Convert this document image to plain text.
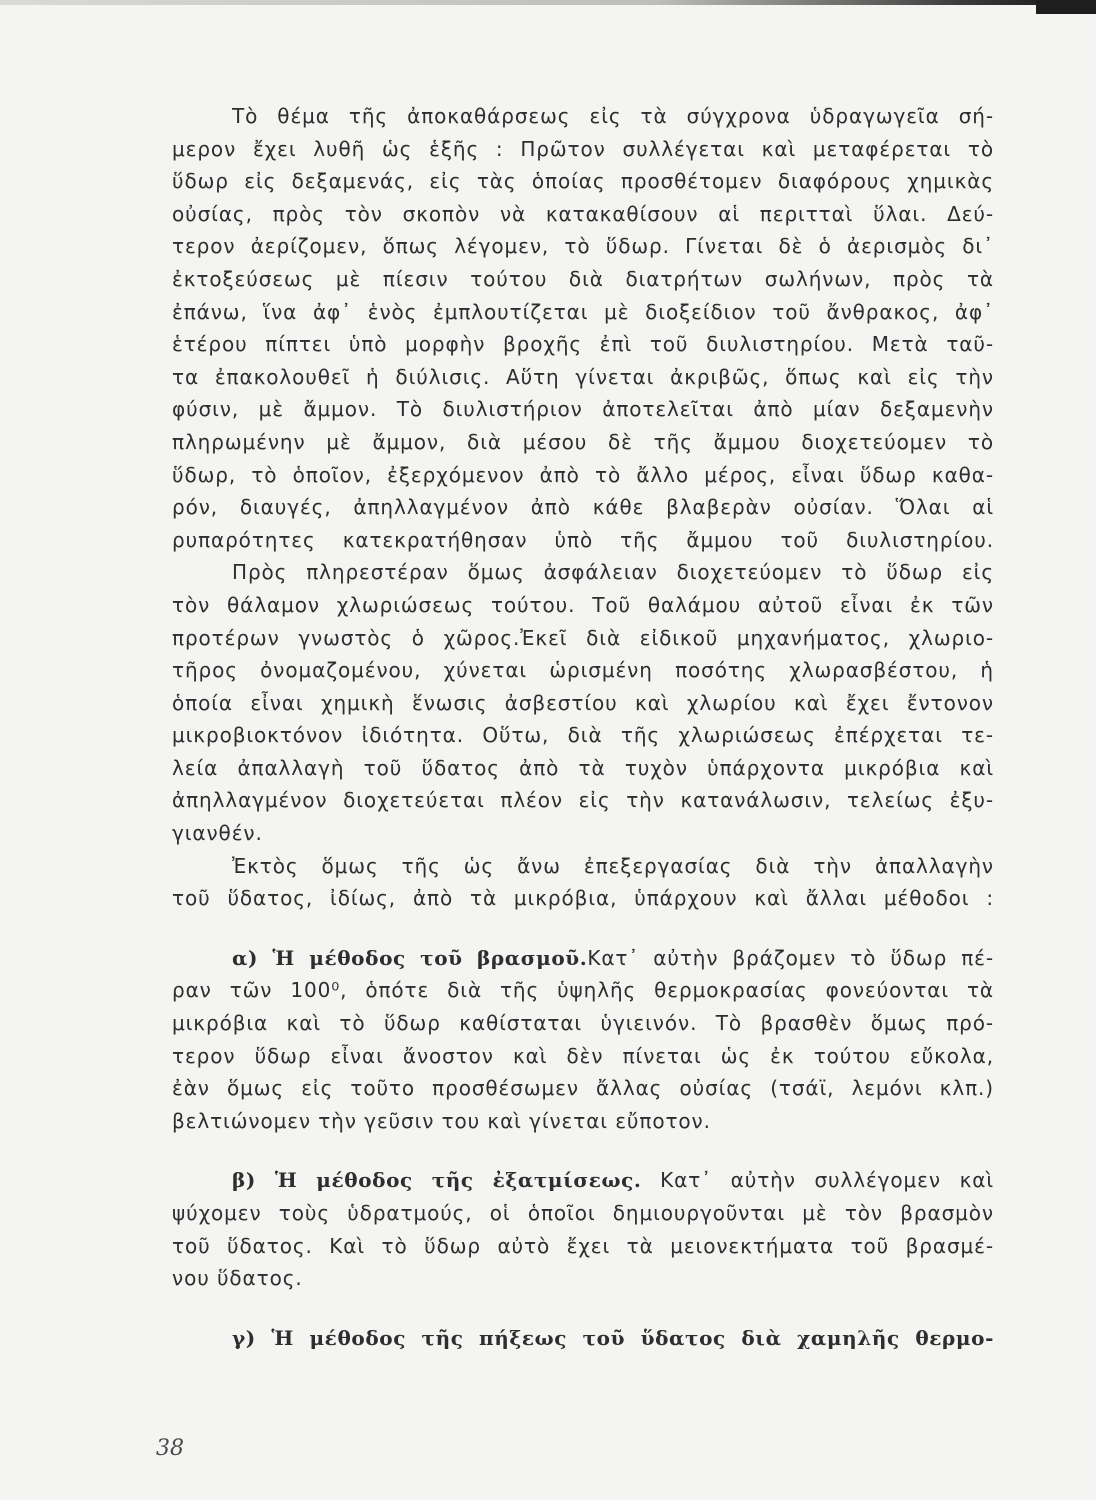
Τὸ θέμα τῆς ἀποκαθάρσεως εἰς τὰ σύγχρονα ὑδραγωγεῖα σή-
μερον ἔχει λυθῆ ὡς ἑξῆς : Πρῶτον συλλέγεται καὶ μεταφέρεται τὸ
ὕδωρ εἰς δεξαμενάς, εἰς τὰς ὁποίας προσθέτομεν διαφόρους χημικὰς
οὐσίας, πρὸς τὸν σκοπὸν νὰ κατακαθίσουν αἱ περιτταὶ ὕλαι. Δεύ-
τερον ἀερίζομεν, ὅπως λέγομεν, τὸ ὕδωρ. Γίνεται δὲ ὁ ἀερισμὸς δι᾽
ἐκτοξεύσεως μὲ πίεσιν τούτου διὰ διατρήτων σωλήνων, πρὸς τὰ
ἐπάνω, ἵνα ἀφ᾽ ἑνὸς ἐμπλουτίζεται μὲ διοξείδιον τοῦ ἄνθρακος, ἀφ᾽
ἑτέρου πίπτει ὑπὸ μορφὴν βροχῆς ἐπὶ τοῦ διυλιστηρίου. Μετὰ ταῦ-
τα ἐπακολουθεῖ ἡ διύλισις. Αὕτη γίνεται ἀκριβῶς, ὅπως καὶ εἰς τὴν
φύσιν, μὲ ἄμμον. Τὸ διυλιστήριον ἀποτελεῖται ἀπὸ μίαν δεξαμενὴν
πληρωμένην μὲ ἄμμον, διὰ μέσου δὲ τῆς ἄμμου διοχετεύομεν τὸ
ὕδωρ, τὸ ὁποῖον, ἐξερχόμενον ἀπὸ τὸ ἄλλο μέρος, εἶναι ὕδωρ καθα-
ρόν, διαυγές, ἀπηλλαγμένον ἀπὸ κάθε βλαβερὰν οὐσίαν. Ὅλαι αἱ
ρυπαρότητες κατεκρατήθησαν ὑπὸ τῆς ἄμμου τοῦ διυλιστηρίου.
Πρὸς πληρεστέραν ὅμως ἀσφάλειαν διοχετεύομεν τὸ ὕδωρ εἰς
τὸν θάλαμον χλωριώσεως τούτου. Τοῦ θαλάμου αὐτοῦ εἶναι ἐκ τῶν
προτέρων γνωστὸς ὁ χῶρος.Ἐκεῖ διὰ εἰδικοῦ μηχανήματος, χλωριο-
τῆρος ὀνομαζομένου, χύνεται ὡρισμένη ποσότης χλωρασβέστου, ἡ
ὁποία εἶναι χημικὴ ἕνωσις ἀσβεστίου καὶ χλωρίου καὶ ἔχει ἔντονον
μικροβιοκτόνον ἰδιότητα. Οὕτω, διὰ τῆς χλωριώσεως ἐπέρχεται τε-
λεία ἀπαλλαγὴ τοῦ ὕδατος ἀπὸ τὰ τυχὸν ὑπάρχοντα μικρόβια καὶ
ἀπηλλαγμένον διοχετεύεται πλέον εἰς τὴν κατανάλωσιν, τελείως ἐξυ-
γιανθέν.
Ἐκτὸς ὅμως τῆς ὡς ἄνω ἐπεξεργασίας διὰ τὴν ἀπαλλαγὴν
τοῦ ὕδατος, ἰδίως, ἀπὸ τὰ μικρόβια, ὑπάρχουν καὶ ἄλλαι μέθοδοι :
α) Ἡ μέθοδος τοῦ βρασμοῦ.Κατ᾽ αὐτὴν βράζομεν τὸ ὕδωρ πέ-
ραν τῶν 100⁰, ὁπότε διὰ τῆς ὑψηλῆς θερμοκρασίας φονεύονται τὰ
μικρόβια καὶ τὸ ὕδωρ καθίσταται ὑγιεινόν. Τὸ βρασθὲν ὅμως πρό-
τερον ὕδωρ εἶναι ἄνοστον καὶ δὲν πίνεται ὡς ἐκ τούτου εὔκολα,
ἐὰν ὅμως εἰς τοῦτο προσθέσωμεν ἄλλας οὐσίας (τσάϊ, λεμόνι κλπ.)
βελτιώνομεν τὴν γεῦσιν του καὶ γίνεται εὔποτον.
β) Ἡ μέθοδος τῆς ἐξατμίσεως. Κατ᾽ αὐτὴν συλλέγομεν καὶ
ψύχομεν τοὺς ὑδρατμούς, οἱ ὁποῖοι δημιουργοῦνται μὲ τὸν βρασμὸν
τοῦ ὕδατος. Καὶ τὸ ὕδωρ αὐτὸ ἔχει τὰ μειονεκτήματα τοῦ βρασμέ-
νου ὕδατος.
γ) Ἡ μέθοδος τῆς πήξεως τοῦ ὕδατος διὰ χαμηλῆς θερμο-
38
